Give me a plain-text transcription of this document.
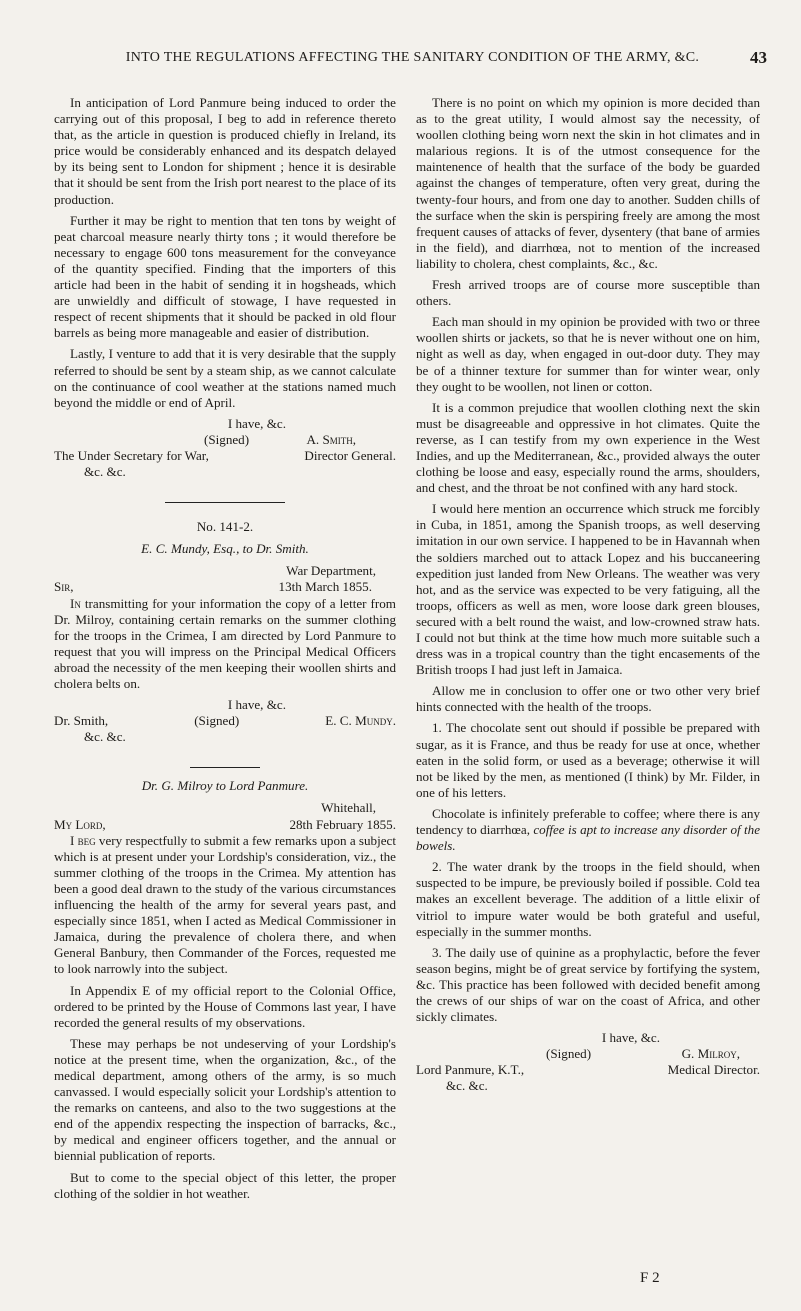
INTO THE REGULATIONS AFFECTING THE SANITARY CONDITION OF THE ARMY, &C.	43

In anticipation of Lord Panmure being induced to order the carrying out of this proposal, I beg to add in reference thereto that, as the article in question is produced chiefly in Ireland, its price would be considerably enhanced and its despatch delayed by its being sent to London for shipment ; hence it is desirable that it should be sent from the Irish port nearest to the place of its production.

Further it may be right to mention that ten tons by weight of peat charcoal measure nearly thirty tons ; it would therefore be necessary to engage 600 tons measurement for the conveyance of the quantity specified. Finding that the importers of this article had been in the habit of sending it in hogsheads, which are unwieldly and difficult of stowage, I have requested in respect of recent shipments that it should be packed in old flour barrels as being more manageable and easier of distribution.

Lastly, I venture to add that it is very desirable that the supply referred to should be sent by a steam ship, as we cannot calculate on the continuance of cool weather at the stations named much beyond the middle or end of April.

I have, &c.
(Signed)	A. Smith,
The Under Secretary for War,	Director General.
&c. &c.
No. 141-2.
E. C. Mundy, Esq., to Dr. Smith.
War Department,
Sir,	13th March 1855.

In transmitting for your information the copy of a letter from Dr. Milroy, containing certain remarks on the summer clothing for the troops in the Crimea, I am directed by Lord Panmure to request that you will impress on the Principal Medical Officers abroad the necessity of the men keeping their woollen shirts and cholera belts on.

I have, &c.
Dr. Smith,	(Signed)	E. C. Mundy.
&c. &c.
Dr. G. Milroy to Lord Panmure.
Whitehall,
My Lord,	28th February 1855.

I beg very respectfully to submit a few remarks upon a subject which is at present under your Lordship's consideration, viz., the summer clothing of the troops in the Crimea. My attention has been a good deal drawn to the study of the various circumstances influencing the health of the army for several years past, and especially since 1851, when I acted as Medical Commissioner in Jamaica, during the prevalence of cholera there, and when General Banbury, then Commander of the Forces, requested me to look narrowly into the subject.

In Appendix E of my official report to the Colonial Office, ordered to be printed by the House of Commons last year, I have recorded the general results of my observations.

These may perhaps be not undeserving of your Lordship's notice at the present time, when the organization, &c., of the medical department, among others of the army, is so much canvassed. I would especially solicit your Lordship's attention to the remarks on canteens, and also to the two suggestions at the end of the appendix respecting the inspection of barracks, &c., by medical and engineer officers together, and the annual or biennial publication of reports.

But to come to the special object of this letter, the proper clothing of the soldier in hot weather.

There is no point on which my opinion is more decided than as to the great utility, I would almost say the necessity, of woollen clothing being worn next the skin in hot climates and in malarious regions. It is of the utmost consequence for the maintenence of health that the surface of the body be guarded against the changes of temperature, often very great, during the twenty-four hours, and from one day to another. Sudden chills of the surface when the skin is perspiring freely are among the most frequent causes of attacks of fever, dysentery (that bane of armies in the field), and diarrhœa, not to mention of the increased liability to cholera, chest complaints, &c., &c.

Fresh arrived troops are of course more susceptible than others.

Each man should in my opinion be provided with two or three woollen shirts or jackets, so that he is never without one on him, night as well as day, when engaged in out-door duty. They may be of a thinner texture for summer than for winter wear, only they ought to be woollen, not linen or cotton.

It is a common prejudice that woollen clothing next the skin must be disagreeable and oppressive in hot climates. Quite the reverse, as I can testify from my own experience in the West Indies, and up the Mediterranean, &c., provided always the outer clothing be loose and easy, especially round the arms, shoulders, and chest, and the throat be not confined with any hard stock.

I would here mention an occurrence which struck me forcibly in Cuba, in 1851, among the Spanish troops, as well deserving imitation in our own service. I happened to be in Havannah when the soldiers marched out to attack Lopez and his buccaneering expedition just landed from New Orleans. The weather was very hot, and as the service was expected to be very fatiguing, all the troops, officers as well as men, wore loose dark green blouses, secured with a belt round the waist, and low-crowned straw hats. I could not but think at the time how much more suitable such a dress was in a tropical country than the tight encasements of the British troops I had just left in Jamaica.

Allow me in conclusion to offer one or two other very brief hints connected with the health of the troops.

1. The chocolate sent out should if possible be prepared with sugar, as it is France, and thus be ready for use at once, whether eaten in the solid form, or used as a beverage; otherwise it will not be liked by the men, as mentioned (I think) by Mr. Filder, in one of his letters.

Chocolate is infinitely preferable to coffee; where there is any tendency to diarrhœa, coffee is apt to increase any disorder of the bowels.

2. The water drank by the troops in the field should, when suspected to be impure, be previously boiled if possible. Cold tea makes an excellent beverage. The addition of a little elixir of vitriol to impure water would be both grateful and useful, especially in the summer months.

3. The daily use of quinine as a prophylactic, before the fever season begins, might be of great service by fortifying the system, &c. This practice has been followed with decided benefit among the crews of our ships of war on the coast of Africa, and other sickly climates.

I have, &c.
(Signed)	G. Milroy,
Lord Panmure, K.T.,	Medical Director.
&c. &c.
F 2
